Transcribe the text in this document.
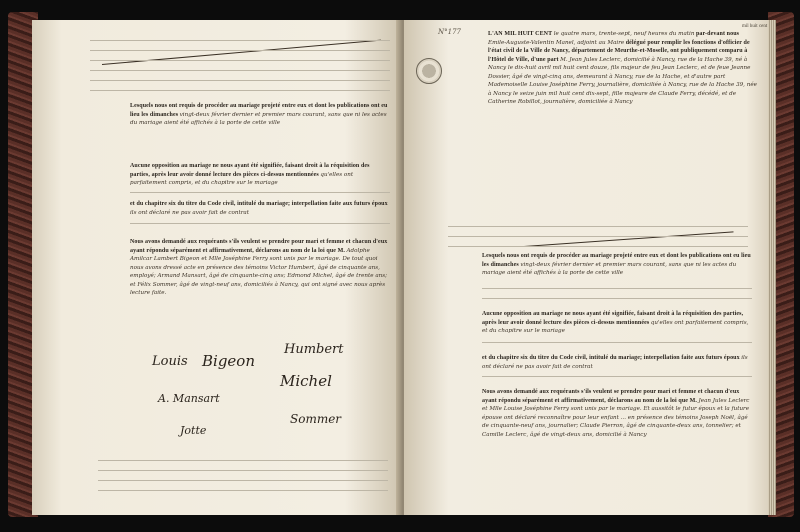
Lesquels nous ont requis de procéder au mariage projeté entre eux et dont les publications ont eu lieu les dimanches vingt-deux février dernier et premier mars courant, sans que ni les actes du mariage aient été affichés à la porte de cette ville
Aucune opposition au mariage ne nous ayant été signifiée, faisant droit à la réquisition des parties, après leur avoir donné lecture des pièces ci-dessus mentionnées qu'elles ont parfaitement compris, et du chapitre sur le mariage
et du chapitre six du titre du Code civil, intitulé du mariage; interpellation faite aux futurs époux ils ont déclaré ne pas avoir fait de contrat
Nous avons demandé aux requérants s'ils veulent se prendre pour mari et femme et chacun d'eux ayant répondu séparément et affirmativement, déclarons au nom de la loi que M. Adolphe Amilcar Lambert Bigeon et Mlle Joséphine Ferry sont unis par le mariage. De tout quoi nous avons dressé acte en présence des témoins Victor Humbert, âgé de cinquante ans, employé; Armand Mansart, âgé de cinquante-cinq ans; Edmond Michel, âgé de trente ans; et Félix Sommer, âgé de vingt-neuf ans, domiciliés à Nancy, qui ont signé avec nous après lecture faite.
Louis Bigeon
Humbert
A. Mansart
Michel
Jotte
Sommer
N°177
mil huit cent
L'AN MIL HUIT CENT le quatre mars, trente-sept, neuf heures du matin par-devant nous Emile-Auguste-Valentin Manel, adjoint au Maire délégué pour remplir les fonctions d'officier de l'état civil de la Ville de Nancy, département de Meurthe-et-Moselle, ont publiquement comparu à l'Hôtel de Ville, d'une part M. Jean Jules Leclerc, domicilié à Nancy, rue de la Hache 39, né à Nancy le dix-huit avril mil huit cent douze, fils majeur de feu Jean Leclerc, et de feue Jeanne Dossier, âgé de vingt-cinq ans, demeurant à Nancy, rue de la Hache, et d'autre part Mademoiselle Louise Joséphine Ferry, journalière, domiciliée à Nancy, rue de la Hache 39, née à Nancy le seize juin mil huit cent dix-sept, fille majeure de Claude Ferry, décédé, et de Catherine Robillot, journalière, domiciliée à Nancy
Lesquels nous ont requis de procéder au mariage projeté entre eux et dont les publications ont eu lieu les dimanches vingt-deux février dernier et premier mars courant, sans que ni les actes du mariage aient été affichés à la porte de cette ville
Aucune opposition au mariage ne nous ayant été signifiée, faisant droit à la réquisition des parties, après leur avoir donné lecture des pièces ci-dessus mentionnées qu'elles ont parfaitement compris, et du chapitre sur le mariage
et du chapitre six du titre du Code civil, intitulé du mariage; interpellation faite aux futurs époux ils ont déclaré ne pas avoir fait de contrat
Nous avons demandé aux requérants s'ils veulent se prendre pour mari et femme et chacun d'eux ayant répondu séparément et affirmativement, déclarons au nom de la loi que M. Jean Jules Leclerc et Mlle Louise Joséphine Ferry sont unis par le mariage. Et aussitôt le futur époux et la future épouse ont déclaré reconnaître pour leur enfant ... en présence des témoins Joseph Noël, âgé de cinquante-neuf ans, journalier; Claude Pierron, âgé de cinquante-deux ans, tonnelier; et Camille Leclerc, âgé de vingt-deux ans, domicilié à Nancy
